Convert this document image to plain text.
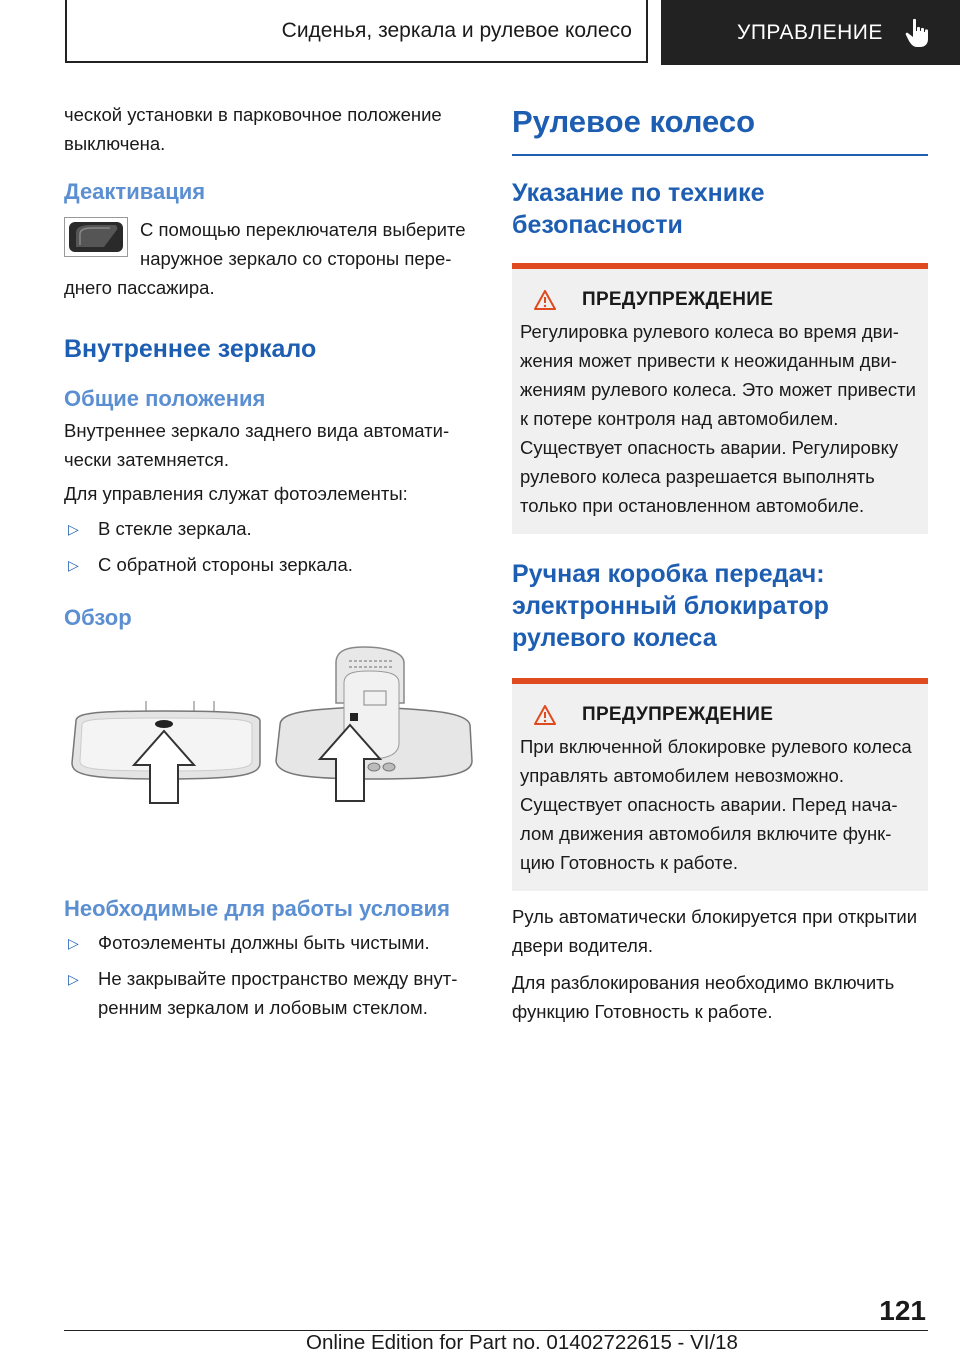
Сиденья, зеркала и рулевое колесо	УПРАВЛЕНИЕ

ческой установки в парковочное положение выключена.

Деактивация

С помощью переключателя выберите

наружное зеркало со стороны пере-

днего пассажира.

Внутреннее зеркало
Общие положения

Внутреннее зеркало заднего вида автоматически затемняется.

Для управления служат фотоэлементы:

▷	В стекле зеркала.
▷	С обратной стороны зеркала.
Обзор
Необходимые для работы условия
▷	Фотоэлементы должны быть чистыми.
▷	Не закрывайте пространство между внутренним зеркалом и лобовым стеклом.
Рулевое колесо
Указание по технике безопасности
ПРЕДУПРЕЖДЕНИЕ

Регулировка рулевого колеса во время движения может привести к неожиданным движениям рулевого колеса. Это может привести к потере контроля над автомобилем. Существует опасность аварии. Регулировку рулевого колеса разрешается выполнять только при остановленном автомобиле.

Ручная коробка передач: электронный блокиратор рулевого колеса
ПРЕДУПРЕЖДЕНИЕ

При включенной блокировке рулевого колеса управлять автомобилем невозможно. Существует опасность аварии. Перед началом движения автомобиля включите функцию Готовность к работе.

Руль автоматически блокируется при открытии двери водителя.

Для разблокирования необходимо включить функцию Готовность к работе.

121
Online Edition for Part no. 01402722615 - VI/18
